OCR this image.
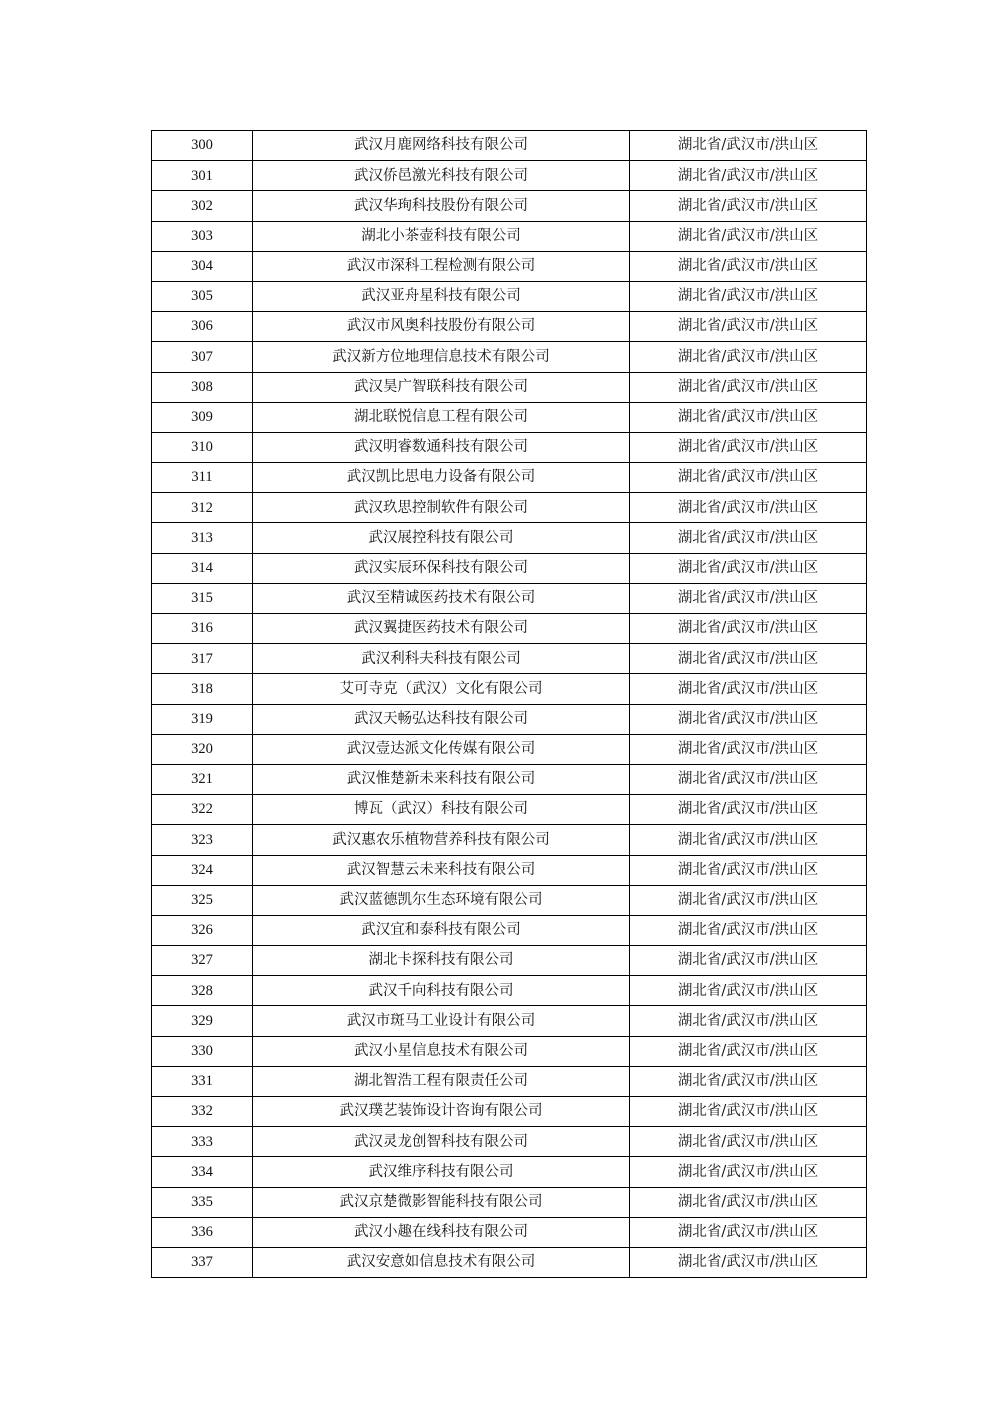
300	武汉月鹿网络科技有限公司	湖北省/武汉市/洪山区
301	武汉侨邑激光科技有限公司	湖北省/武汉市/洪山区
302	武汉华珣科技股份有限公司	湖北省/武汉市/洪山区
303	湖北小茶壶科技有限公司	湖北省/武汉市/洪山区
304	武汉市深科工程检测有限公司	湖北省/武汉市/洪山区
305	武汉亚舟星科技有限公司	湖北省/武汉市/洪山区
306	武汉市风奥科技股份有限公司	湖北省/武汉市/洪山区
307	武汉新方位地理信息技术有限公司	湖北省/武汉市/洪山区
308	武汉昊广智联科技有限公司	湖北省/武汉市/洪山区
309	湖北联悦信息工程有限公司	湖北省/武汉市/洪山区
310	武汉明睿数通科技有限公司	湖北省/武汉市/洪山区
311	武汉凯比思电力设备有限公司	湖北省/武汉市/洪山区
312	武汉玖思控制软件有限公司	湖北省/武汉市/洪山区
313	武汉展控科技有限公司	湖北省/武汉市/洪山区
314	武汉实辰环保科技有限公司	湖北省/武汉市/洪山区
315	武汉至精诚医药技术有限公司	湖北省/武汉市/洪山区
316	武汉翼捷医药技术有限公司	湖北省/武汉市/洪山区
317	武汉利科夫科技有限公司	湖北省/武汉市/洪山区
318	艾可寺克（武汉）文化有限公司	湖北省/武汉市/洪山区
319	武汉天畅弘达科技有限公司	湖北省/武汉市/洪山区
320	武汉壹达派文化传媒有限公司	湖北省/武汉市/洪山区
321	武汉惟楚新未来科技有限公司	湖北省/武汉市/洪山区
322	博瓦（武汉）科技有限公司	湖北省/武汉市/洪山区
323	武汉惠农乐植物营养科技有限公司	湖北省/武汉市/洪山区
324	武汉智慧云未来科技有限公司	湖北省/武汉市/洪山区
325	武汉蓝德凯尔生态环境有限公司	湖北省/武汉市/洪山区
326	武汉宜和泰科技有限公司	湖北省/武汉市/洪山区
327	湖北卡探科技有限公司	湖北省/武汉市/洪山区
328	武汉千向科技有限公司	湖北省/武汉市/洪山区
329	武汉市斑马工业设计有限公司	湖北省/武汉市/洪山区
330	武汉小星信息技术有限公司	湖北省/武汉市/洪山区
331	湖北智浩工程有限责任公司	湖北省/武汉市/洪山区
332	武汉璞艺装饰设计咨询有限公司	湖北省/武汉市/洪山区
333	武汉灵龙创智科技有限公司	湖北省/武汉市/洪山区
334	武汉维序科技有限公司	湖北省/武汉市/洪山区
335	武汉京楚微影智能科技有限公司	湖北省/武汉市/洪山区
336	武汉小趣在线科技有限公司	湖北省/武汉市/洪山区
337	武汉安意如信息技术有限公司	湖北省/武汉市/洪山区
